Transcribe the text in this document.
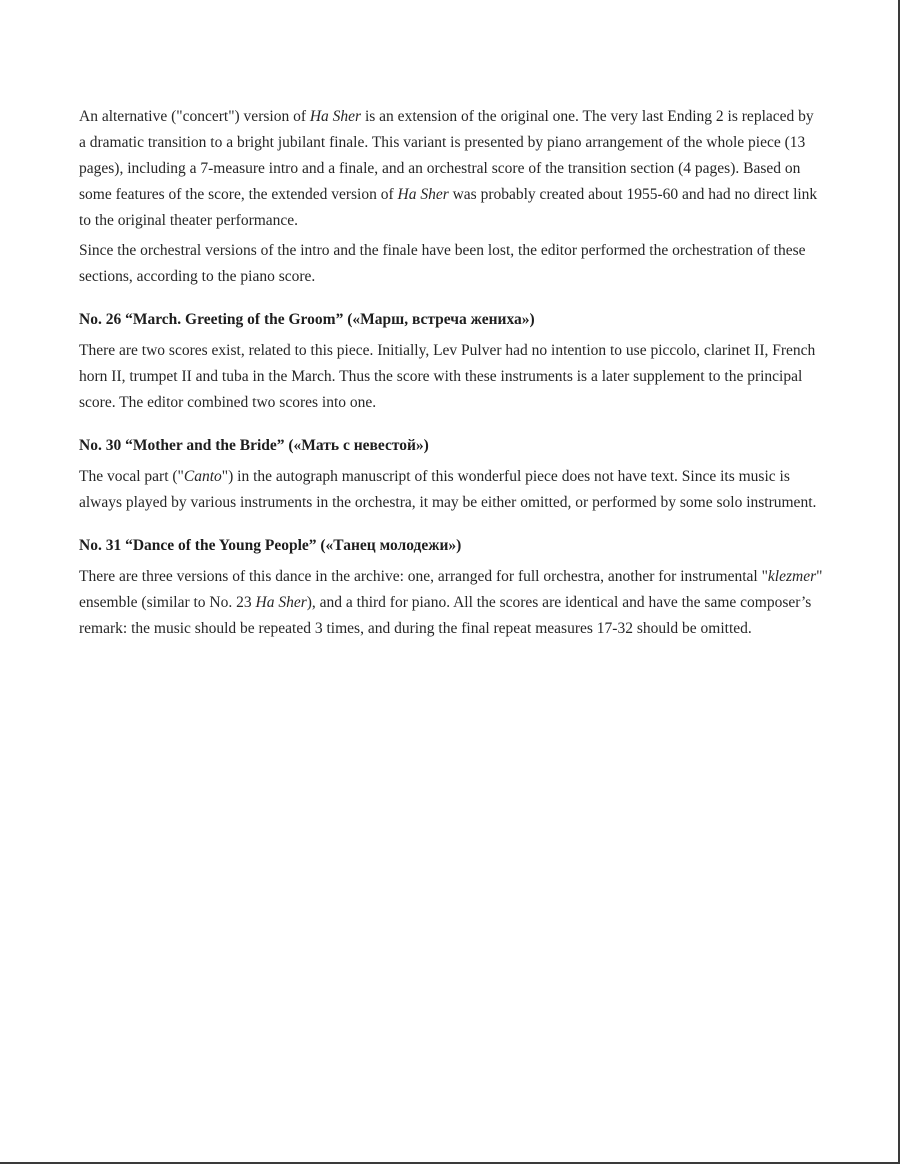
An alternative ("concert") version of Ha Sher is an extension of the original one. The very last Ending 2 is replaced by a dramatic transition to a bright jubilant finale. This variant is presented by piano arrangement of the whole piece (13 pages), including a 7-measure intro and a finale, and an orchestral score of the transition section (4 pages). Based on some features of the score, the extended version of Ha Sher was probably created about 1955-60 and had no direct link to the original theater performance.

Since the orchestral versions of the intro and the finale have been lost, the editor performed the orchestration of these sections, according to the piano score.

No. 26 “March. Greeting of the Groom” («Марш, встреча жениха»)

There are two scores exist, related to this piece. Initially, Lev Pulver had no intention to use piccolo, clarinet II, French horn II, trumpet II and tuba in the March. Thus the score with these instruments is a later supplement to the principal score. The editor combined two scores into one.

No. 30 “Mother and the Bride” («Мать с невестой»)

The vocal part ("Canto") in the autograph manuscript of this wonderful piece does not have text. Since its music is always played by various instruments in the orchestra, it may be either omitted, or performed by some solo instrument.

No. 31 “Dance of the Young People” («Танец молодежи»)

There are three versions of this dance in the archive: one, arranged for full orchestra, another for instrumental "klezmer" ensemble (similar to No. 23 Ha Sher), and a third for piano. All the scores are identical and have the same composer’s remark: the music should be repeated 3 times, and during the final repeat measures 17-32 should be omitted.
